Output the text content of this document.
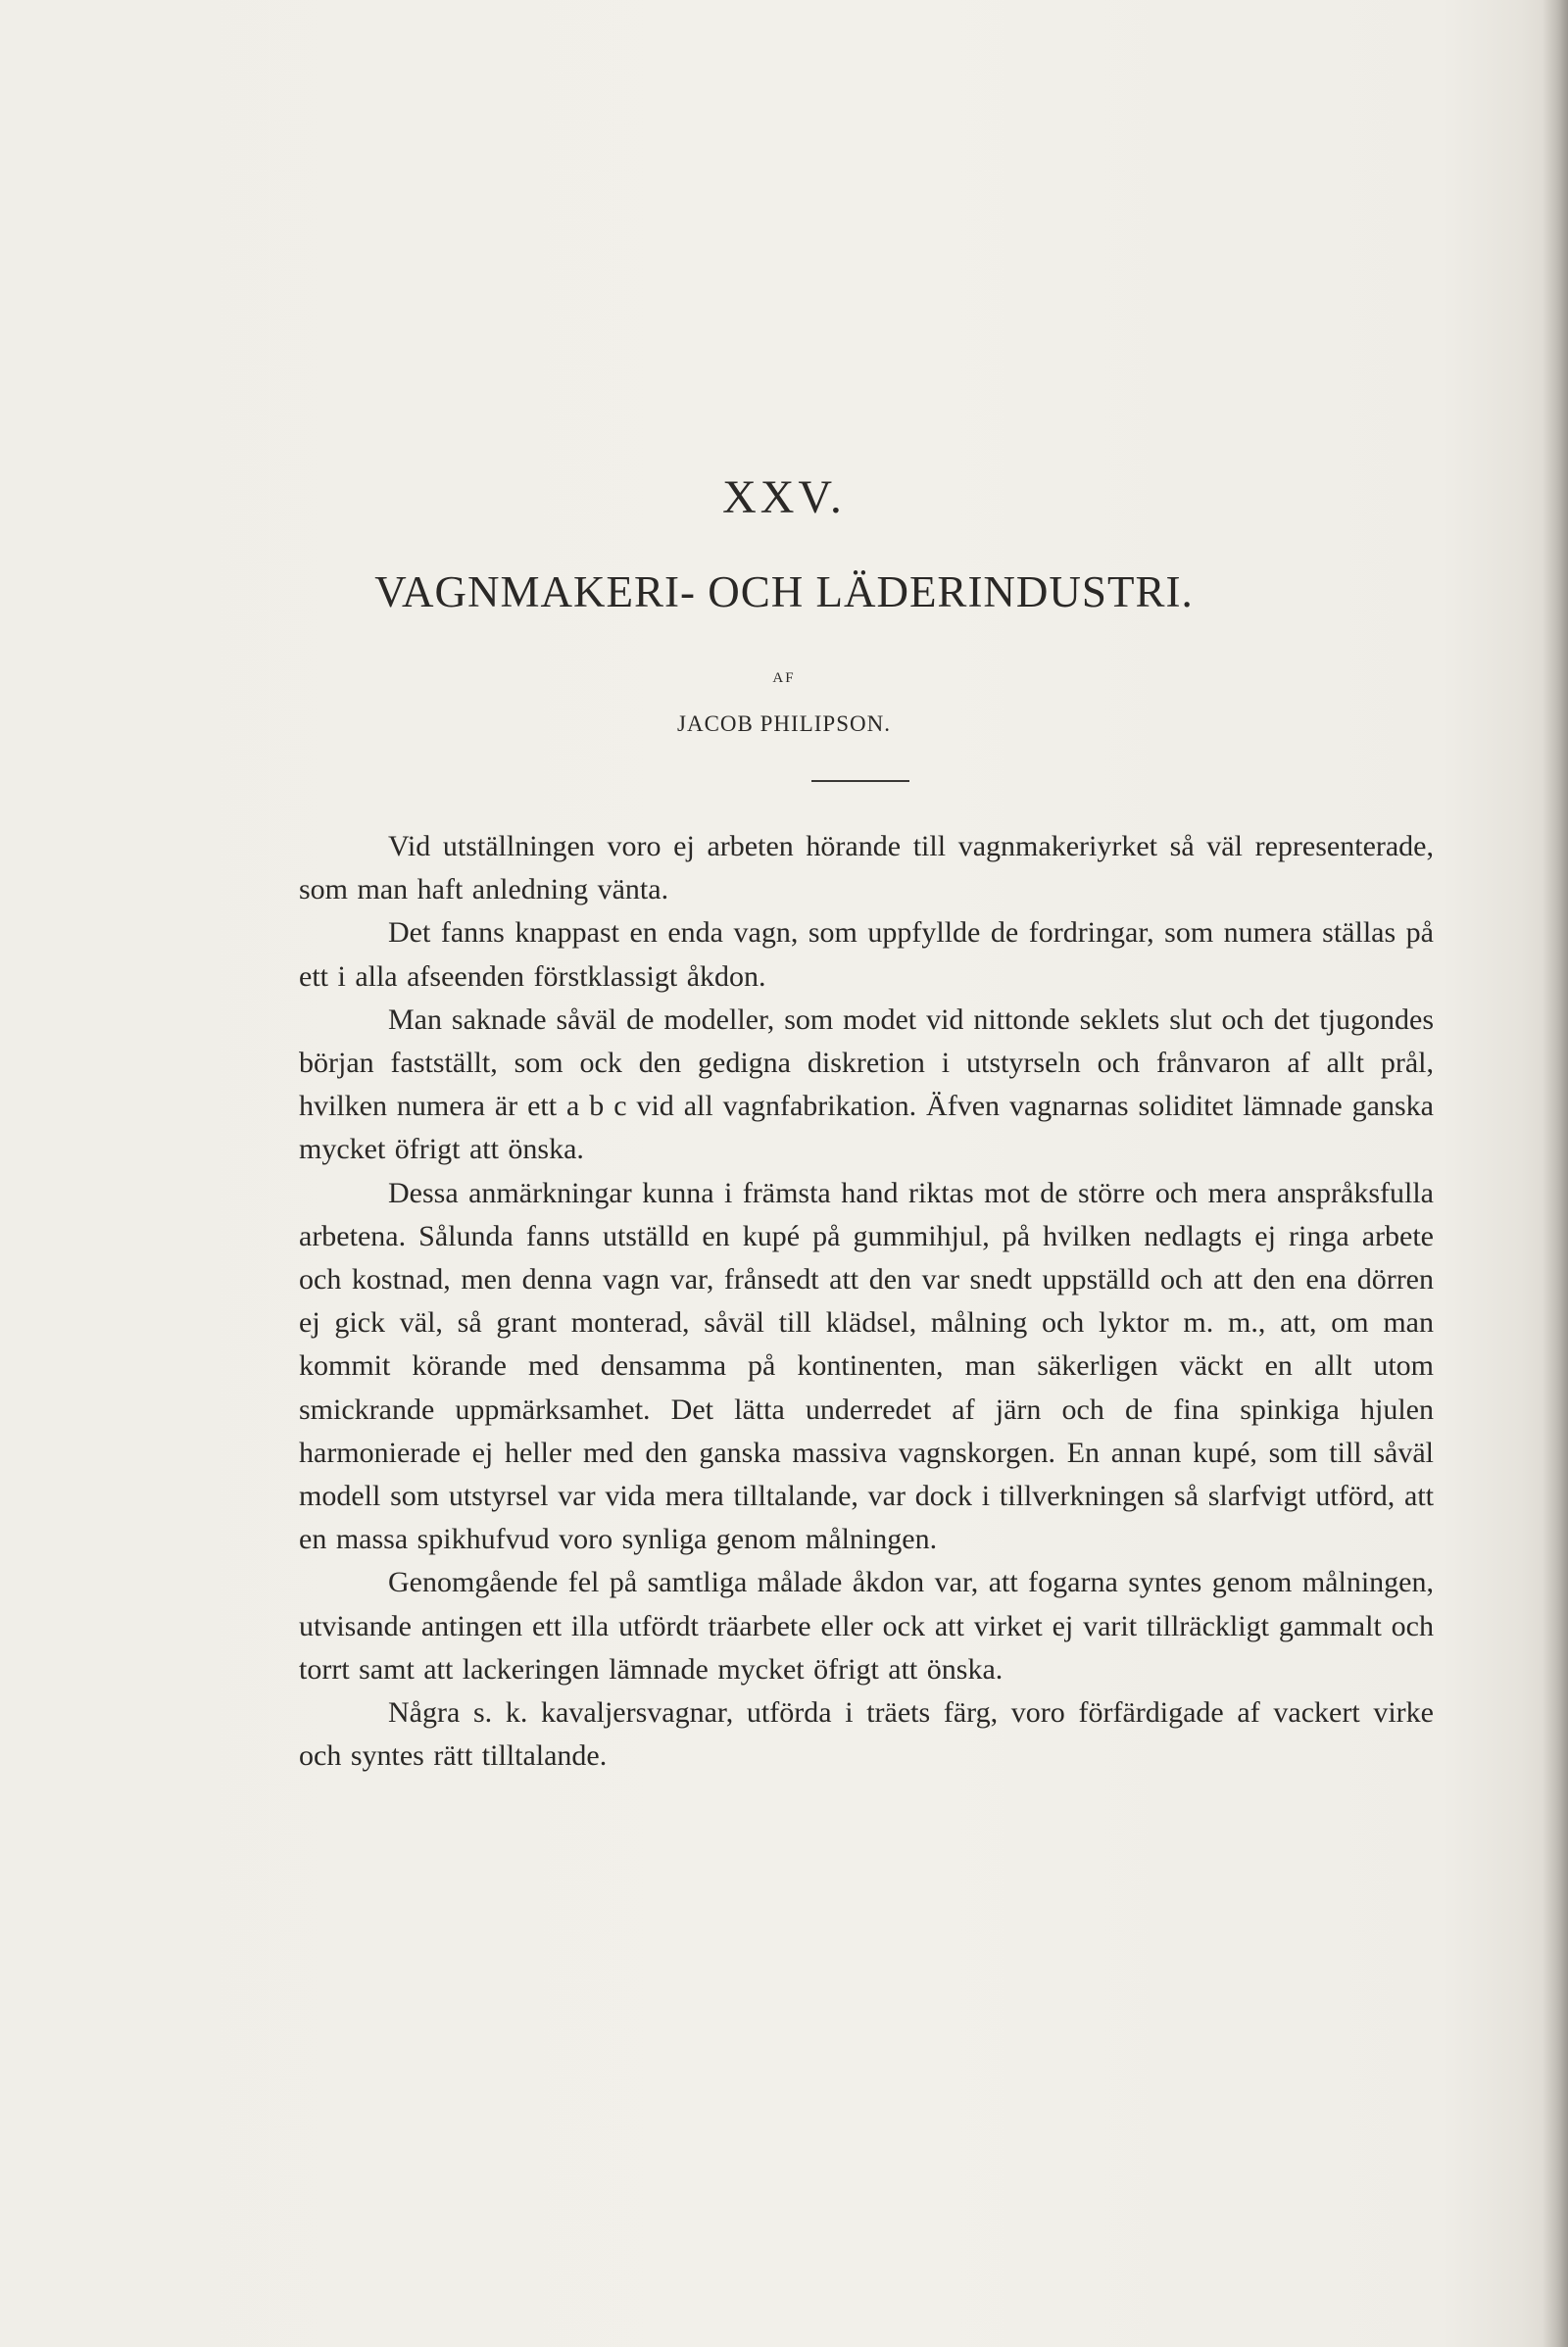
XXV.
VAGNMAKERI- OCH LÄDERINDUSTRI.
AF
JACOB PHILIPSON.

Vid utställningen voro ej arbeten hörande till vagnmakeriyrket så väl representerade, som man haft anledning vänta.

Det fanns knappast en enda vagn, som uppfyllde de fordringar, som numera ställas på ett i alla afseenden förstklassigt åkdon.

Man saknade såväl de modeller, som modet vid nittonde seklets slut och det tjugondes början fastställt, som ock den gedigna diskretion i utstyrseln och frånvaron af allt prål, hvilken numera är ett a b c vid all vagnfabrikation. Äfven vagnarnas soliditet lämnade ganska mycket öfrigt att önska.

Dessa anmärkningar kunna i främsta hand riktas mot de större och mera anspråksfulla arbetena. Sålunda fanns utställd en kupé på gummihjul, på hvilken nedlagts ej ringa arbete och kostnad, men denna vagn var, frånsedt att den var snedt uppställd och att den ena dörren ej gick väl, så grant monterad, såväl till klädsel, målning och lyktor m. m., att, om man kommit körande med densamma på kontinenten, man säkerligen väckt en allt utom smickrande uppmärksamhet. Det lätta underredet af järn och de fina spinkiga hjulen harmonierade ej heller med den ganska massiva vagnskorgen. En annan kupé, som till såväl modell som utstyrsel var vida mera tilltalande, var dock i tillverkningen så slarfvigt utförd, att en massa spikhufvud voro synliga genom målningen.

Genomgående fel på samtliga målade åkdon var, att fogarna syntes genom målningen, utvisande antingen ett illa utfördt träarbete eller ock att virket ej varit tillräckligt gammalt och torrt samt att lackeringen lämnade mycket öfrigt att önska.

Några s. k. kavaljersvagnar, utförda i träets färg, voro förfärdigade af vackert virke och syntes rätt tilltalande.
